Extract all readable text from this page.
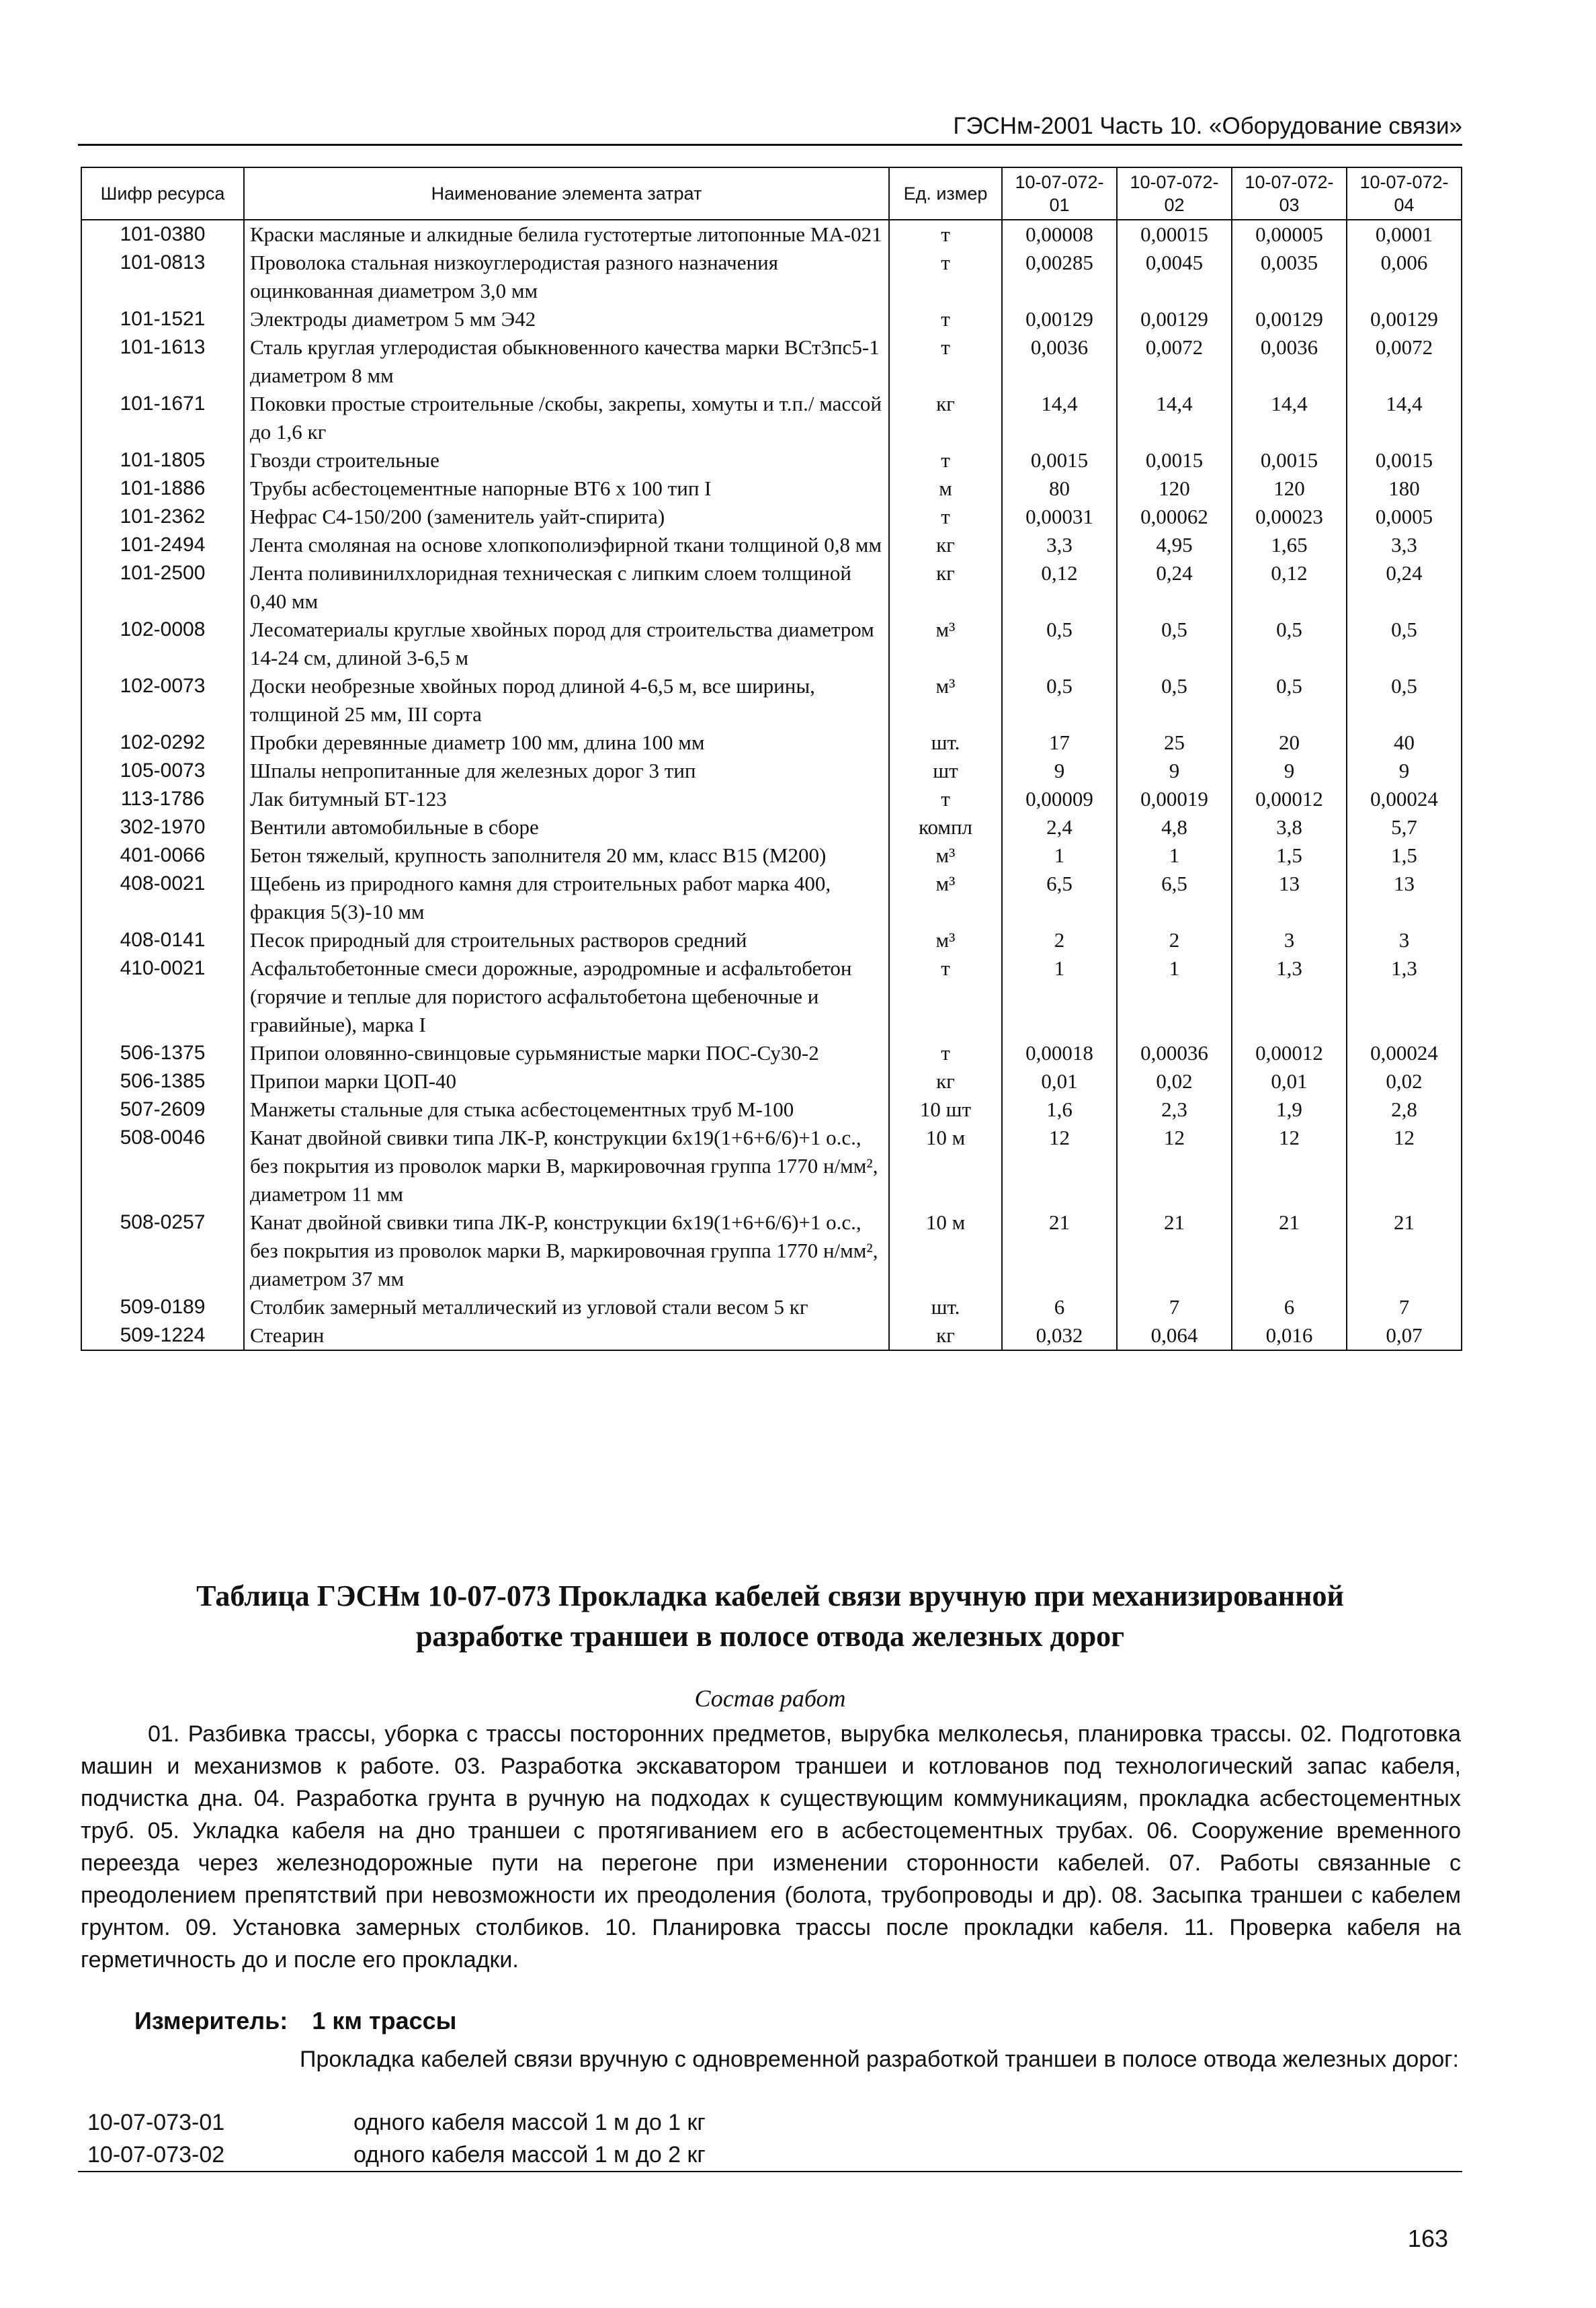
ГЭСНм-2001 Часть 10. «Оборудование связи»
Шифр ресурса	Наименование элемента затрат	Ед. измер	10-07-072-01	10-07-072-02	10-07-072-03	10-07-072-04
101-0380	Краски масляные и алкидные белила густотертые литопонные МА-021	т	0,00008	0,00015	0,00005	0,0001
101-0813	Проволока стальная низкоуглеродистая разного назначения оцинкованная диаметром 3,0 мм	т	0,00285	0,0045	0,0035	0,006
101-1521	Электроды диаметром 5 мм Э42	т	0,00129	0,00129	0,00129	0,00129
101-1613	Сталь круглая углеродистая обыкновенного качества марки ВСт3пс5-1 диаметром 8 мм	т	0,0036	0,0072	0,0036	0,0072
101-1671	Поковки простые строительные /скобы, закрепы, хомуты и т.п./ массой до 1,6 кг	кг	14,4	14,4	14,4	14,4
101-1805	Гвозди строительные	т	0,0015	0,0015	0,0015	0,0015
101-1886	Трубы асбестоцементные напорные ВТ6 х 100 тип I	м	80	120	120	180
101-2362	Нефрас С4-150/200 (заменитель уайт-спирита)	т	0,00031	0,00062	0,00023	0,0005
101-2494	Лента смоляная на основе хлопкополиэфирной ткани толщиной 0,8 мм	кг	3,3	4,95	1,65	3,3
101-2500	Лента поливинилхлоридная техническая с липким слоем толщиной 0,40 мм	кг	0,12	0,24	0,12	0,24
102-0008	Лесоматериалы круглые хвойных пород для строительства диаметром 14-24 см, длиной 3-6,5 м	м³	0,5	0,5	0,5	0,5
102-0073	Доски необрезные хвойных пород длиной 4-6,5 м, все ширины, толщиной 25 мм, III сорта	м³	0,5	0,5	0,5	0,5
102-0292	Пробки деревянные диаметр 100 мм, длина 100 мм	шт.	17	25	20	40
105-0073	Шпалы непропитанные для железных дорог 3 тип	шт	9	9	9	9
113-1786	Лак битумный БТ-123	т	0,00009	0,00019	0,00012	0,00024
302-1970	Вентили автомобильные в сборе	компл	2,4	4,8	3,8	5,7
401-0066	Бетон тяжелый, крупность заполнителя 20 мм, класс В15 (М200)	м³	1	1	1,5	1,5
408-0021	Щебень из природного камня для строительных работ марка 400, фракция 5(3)-10 мм	м³	6,5	6,5	13	13
408-0141	Песок природный для строительных растворов средний	м³	2	2	3	3
410-0021	Асфальтобетонные смеси дорожные, аэродромные и асфальтобетон (горячие и теплые для пористого асфальтобетона щебеночные и гравийные), марка I	т	1	1	1,3	1,3
506-1375	Припои оловянно-свинцовые сурьмянистые марки ПОС-Су30-2	т	0,00018	0,00036	0,00012	0,00024
506-1385	Припои марки ЦОП-40	кг	0,01	0,02	0,01	0,02
507-2609	Манжеты стальные для стыка асбестоцементных труб М-100	10 шт	1,6	2,3	1,9	2,8
508-0046	Канат двойной свивки типа ЛК-Р, конструкции 6х19(1+6+6/6)+1 о.с., без покрытия из проволок марки В, маркировочная группа 1770 н/мм², диаметром 11 мм	10 м	12	12	12	12
508-0257	Канат двойной свивки типа ЛК-Р, конструкции 6х19(1+6+6/6)+1 о.с., без покрытия из проволок марки В, маркировочная группа 1770 н/мм², диаметром 37 мм	10 м	21	21	21	21
509-0189	Столбик замерный металлический из угловой стали весом 5 кг	шт.	6	7	6	7
509-1224	Стеарин	кг	0,032	0,064	0,016	0,07
Таблица ГЭСНм 10-07-073 Прокладка кабелей связи вручную при механизированной
разработке траншеи в полосе отвода железных дорог
Состав работ

01. Разбивка трассы, уборка с трассы посторонних предметов, вырубка мелколесья, планировка трассы. 02. Подготовка машин и механизмов к работе. 03. Разработка экскаватором траншеи и котлованов под технологический запас кабеля, подчистка дна. 04. Разработка грунта в ручную на подходах к существующим коммуникациям, прокладка асбестоцементных труб. 05. Укладка кабеля на дно траншеи с протягиванием его в асбестоцементных трубах. 06. Сооружение временного переезда через железнодорожные пути на перегоне при изменении сторонности кабелей. 07. Работы связанные с преодолением препятствий при невозможности их преодоления (болота, трубопроводы и др). 08. Засыпка траншеи с кабелем грунтом. 09. Установка замерных столбиков. 10. Планировка трассы после прокладки кабеля. 11. Проверка кабеля на герметичность до и после его прокладки.

Измеритель: 1 км трассы

Прокладка кабелей связи вручную с одновременной разработкой траншеи в полосе отвода железных дорог:

10-07-073-01	одного кабеля массой 1 м до 1 кг
10-07-073-02	одного кабеля массой 1 м до 2 кг
163
